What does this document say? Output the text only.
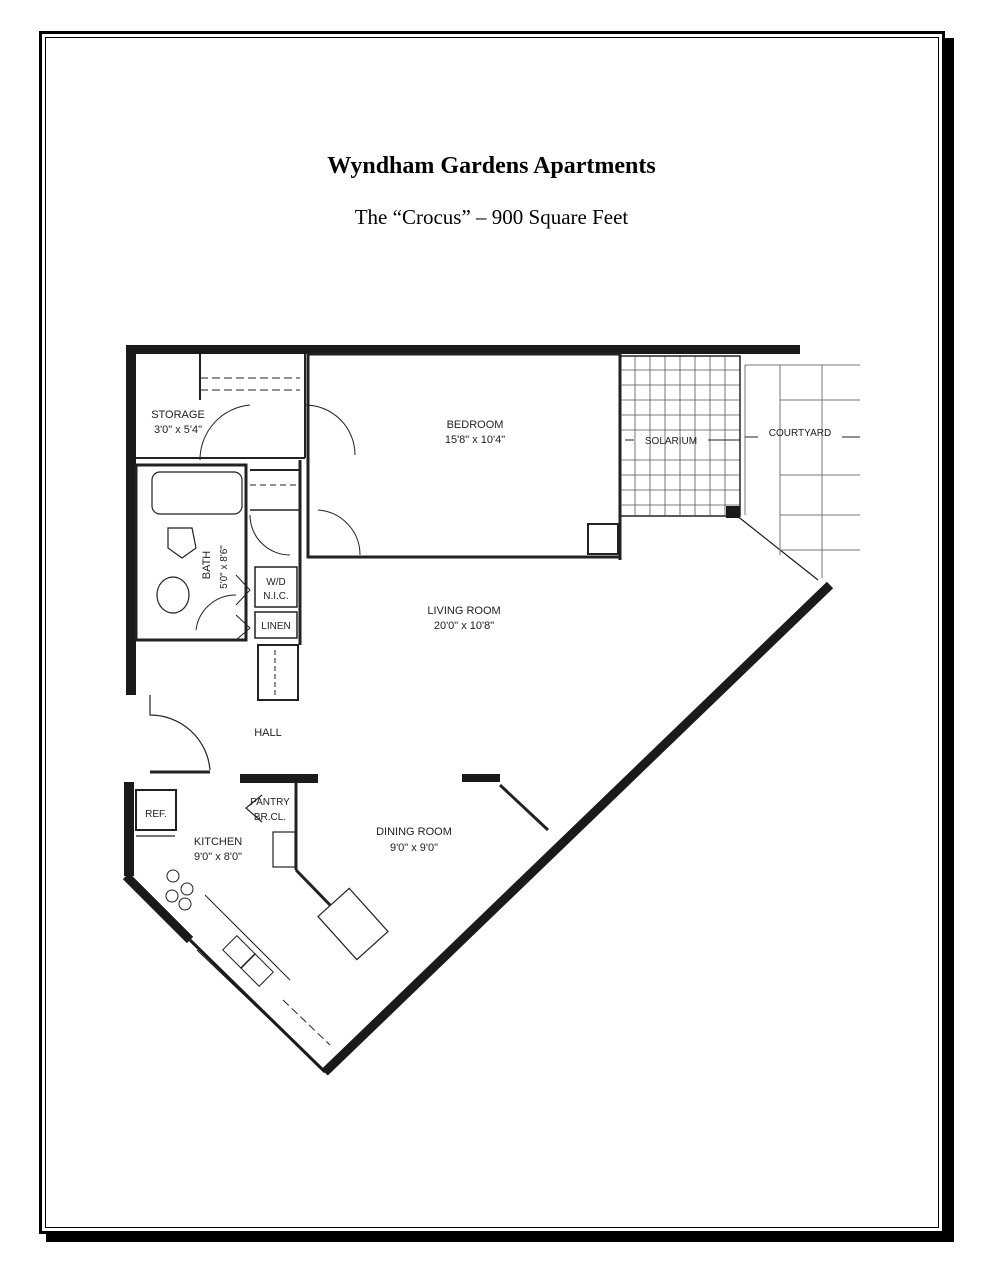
Wyndham Gardens Apartments
The “Crocus” – 900 Square Feet
STORAGE
3'0" x 5'4"	BEDROOM
15'8" x 10'4"	SOLARIUM
COURTYARD
BATH 5'0" x 8'6"	W/D
N.I.C.
LINEN
LIVING ROOM
20'0" x 10'8"
HALL
REF.
PANTRY
BR.CL.
KITCHEN
9'0" x 8'0"
DINING ROOM
9'0" x 9'0"
